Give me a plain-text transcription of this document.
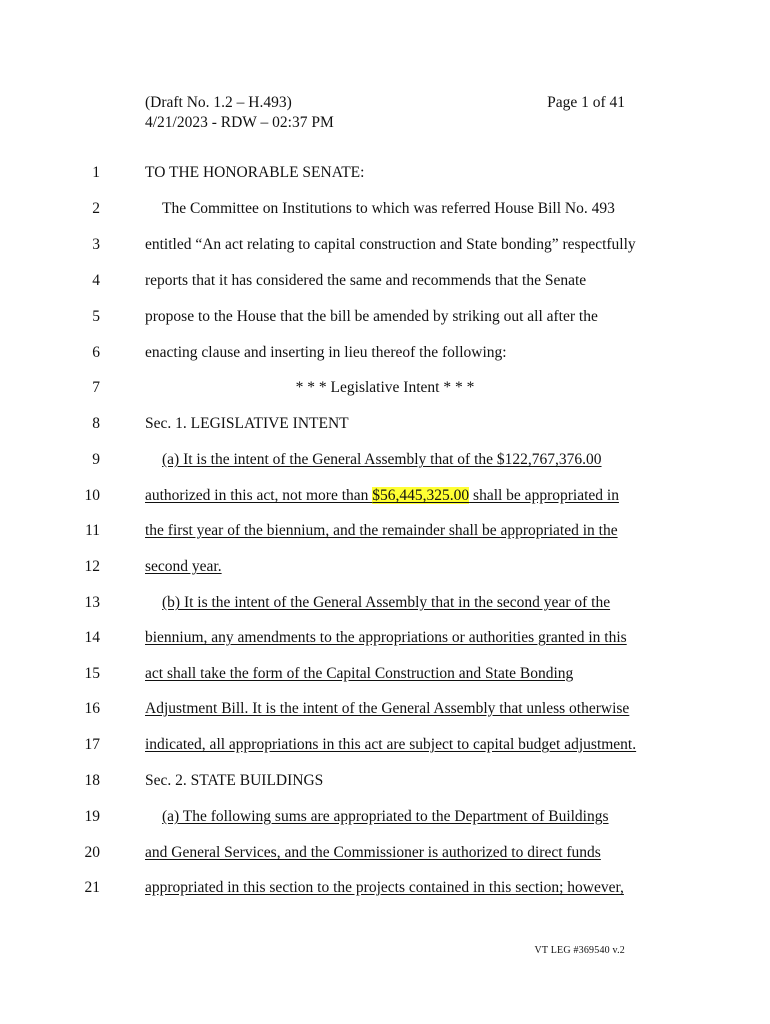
(Draft No. 1.2 – H.493)
4/21/2023 - RDW – 02:37 PM
Page 1 of 41
1	TO THE HONORABLE SENATE:
2	The Committee on Institutions to which was referred House Bill No. 493
3	entitled “An act relating to capital construction and State bonding” respectfully
4	reports that it has considered the same and recommends that the Senate
5	propose to the House that the bill be amended by striking out all after the
6	enacting clause and inserting in lieu thereof the following:
7	* * * Legislative Intent * * *
8	Sec. 1. LEGISLATIVE INTENT
9	(a) It is the intent of the General Assembly that of the $122,767,376.00
10	authorized in this act, not more than $56,445,325.00 shall be appropriated in
11	the first year of the biennium, and the remainder shall be appropriated in the
12	second year.
13	(b) It is the intent of the General Assembly that in the second year of the
14	biennium, any amendments to the appropriations or authorities granted in this
15	act shall take the form of the Capital Construction and State Bonding
16	Adjustment Bill. It is the intent of the General Assembly that unless otherwise
17	indicated, all appropriations in this act are subject to capital budget adjustment.
18	Sec. 2. STATE BUILDINGS
19	(a) The following sums are appropriated to the Department of Buildings
20	and General Services, and the Commissioner is authorized to direct funds
21	appropriated in this section to the projects contained in this section; however,
VT LEG #369540 v.2
